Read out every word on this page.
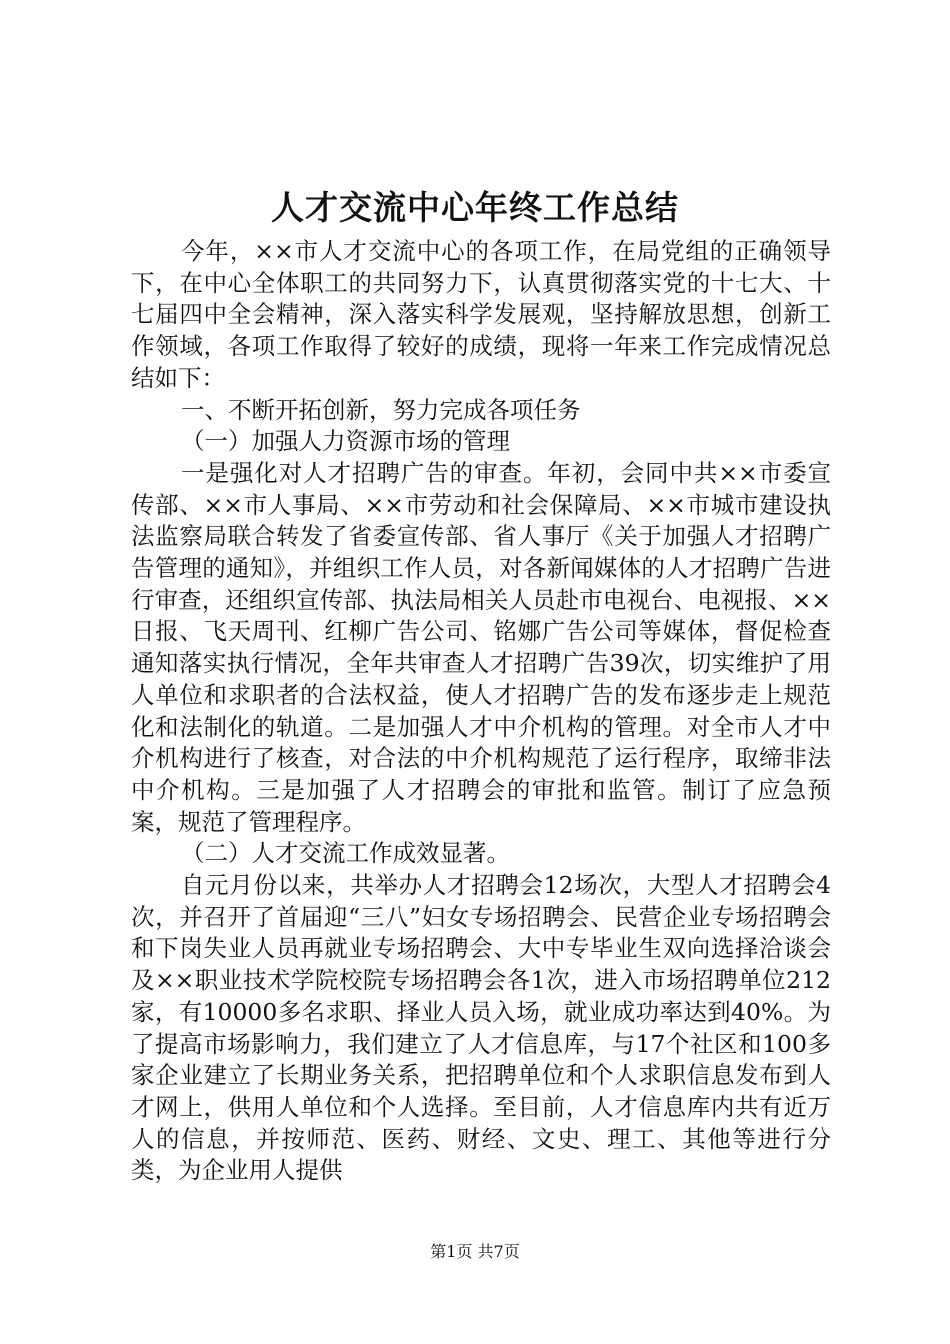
人才交流中心年终工作总结

今年，××市人才交流中心的各项工作，在局党组的正确领导下，在中心全体职工的共同努力下，认真贯彻落实党的十七大、十七届四中全会精神，深入落实科学发展观，坚持解放思想，创新工作领域，各项工作取得了较好的成绩，现将一年来工作完成情况总结如下：

一、不断开拓创新，努力完成各项任务

（一）加强人力资源市场的管理

一是强化对人才招聘广告的审查。年初，会同中共××市委宣传部、××市人事局、××市劳动和社会保障局、××市城市建设执法监察局联合转发了省委宣传部、省人事厅《关于加强人才招聘广告管理的通知》，并组织工作人员，对各新闻媒体的人才招聘广告进行审查，还组织宣传部、执法局相关人员赴市电视台、电视报、××日报、飞天周刊、红柳广告公司、铭娜广告公司等媒体，督促检查通知落实执行情况，全年共审查人才招聘广告39次，切实维护了用人单位和求职者的合法权益，使人才招聘广告的发布逐步走上规范化和法制化的轨道。二是加强人才中介机构的管理。对全市人才中介机构进行了核查，对合法的中介机构规范了运行程序，取缔非法中介机构。三是加强了人才招聘会的审批和监管。制订了应急预案，规范了管理程序。

（二）人才交流工作成效显著。

自元月份以来，共举办人才招聘会12场次，大型人才招聘会4次，并召开了首届迎“三八”妇女专场招聘会、民营企业专场招聘会和下岗失业人员再就业专场招聘会、大中专毕业生双向选择洽谈会及××职业技术学院校院专场招聘会各1次，进入市场招聘单位212家，有10000多名求职、择业人员入场，就业成功率达到40%。为了提高市场影响力，我们建立了人才信息库，与17个社区和100多家企业建立了长期业务关系，把招聘单位和个人求职信息发布到人才网上，供用人单位和个人选择。至目前，人才信息库内共有近万人的信息，并按师范、医药、财经、文史、理工、其他等进行分类，为企业用人提供

第1页 共7页
